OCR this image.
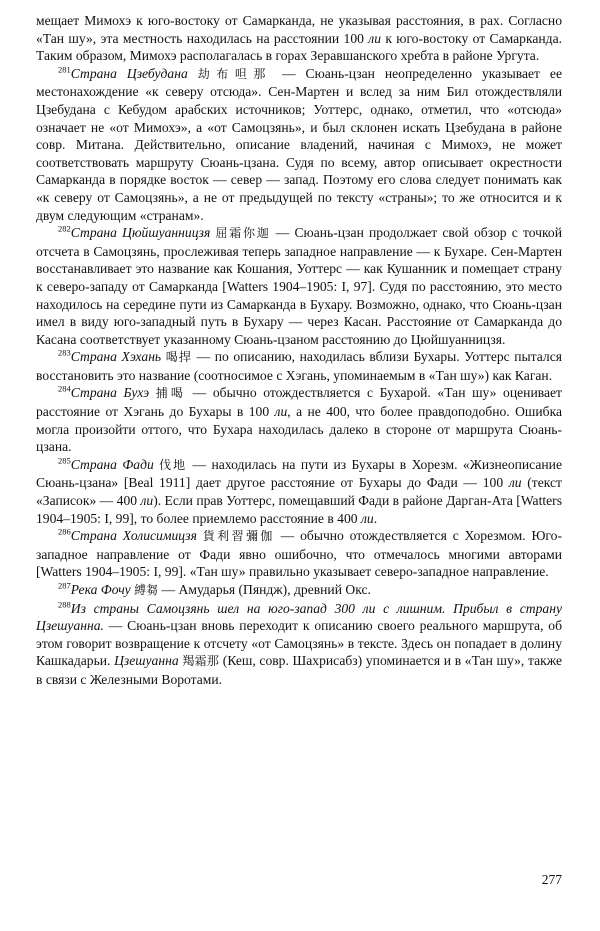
мещает Мимохэ к юго-востоку от Самарканда, не указывая расстояния, в рах. Согласно «Тан шу», эта местность находилась на расстоянии 100 ли к юго-востоку от Самарканда. Таким образом, Мимохэ располагалась в горах Зеравшанского хребта в районе Ургута.

$^{281}$Страна Цзебудана 劫布呾那 — Сюань-цзан неопределенно указывает ее местонахождение «к северу отсюда». Сен-Мартен и вслед за ним Бил отождествляли Цзебудана с Кебудом арабских источников; Уоттерс, однако, отметил, что «отсюда» означает не «от Мимохэ», а «от Самоцзянь», и был склонен искать Цзебудана в районе совр. Митана. Действительно, описание владений, начиная с Мимохэ, не может соответствовать маршруту Сюань-цзана. Судя по всему, автор описывает окрестности Самарканда в порядке восток — север — запад. Поэтому его слова следует понимать как «к северу от Самоцзянь», а не от предыдущей по тексту «страны»; то же относится и к двум следующим «странам».

$^{282}$Страна Цюйшуанницзя 屈霜你迦 — Сюань-цзан продолжает свой обзор с точкой отсчета в Самоцзянь, прослеживая теперь западное направление — к Бухаре. Сен-Мартен восстанавливает это название как Кошания, Уоттерс — как Кушанник и помещает страну к северо-западу от Самарканда [Watters 1904–1905: I, 97]. Судя по расстоянию, это место находилось на середине пути из Самарканда в Бухару. Возможно, однако, что Сюань-цзан имел в виду юго-западный путь в Бухару — через Касан. Расстояние от Самарканда до Касана соответствует указанному Сюань-цзаном расстоянию до Цюйшуанницзя.

$^{283}$Страна Хэхань 喝捍 — по описанию, находилась вблизи Бухары. Уоттерс пытался восстановить это название (соотносимое с Хэгань, упоминаемым в «Тан шу») как Каган.

$^{284}$Страна Бухэ 捕喝 — обычно отождествляется с Бухарой. «Тан шу» оценивает расстояние от Хэгань до Бухары в 100 ли, а не 400, что более правдоподобно. Ошибка могла произойти оттого, что Бухара находилась далеко в стороне от маршрута Сюань-цзана.

$^{285}$Страна Фади 伐地 — находилась на пути из Бухары в Хорезм. «Жизнеописание Сюань-цзана» [Beal 1911] дает другое расстояние от Бухары до Фади — 100 ли (текст «Записок» — 400 ли). Если прав Уоттерс, помещавший Фади в районе Дарган-Ата [Watters 1904–1905: I, 99], то более приемлемо расстояние в 400 ли.

$^{286}$Страна Холисимицзя 貨利習彌伽 — обычно отождествляется с Хорезмом. Юго-западное направление от Фади явно ошибочно, что отмечалось многими авторами [Watters 1904–1905: I, 99]. «Тан шу» правильно указывает северо-западное направление.

$^{287}$Река Фочу 縛芻 — Амударья (Пяндж), древний Окс.

$^{288}$Из страны Самоцзянь шел на юго-запад 300 ли с лишним. Прибыл в страну Цзешуанна. — Сюань-цзан вновь переходит к описанию своего реального маршрута, об этом говорит возвращение к отсчету «от Самоцзянь» в тексте. Здесь он попадает в долину Кашкадарьи. Цзешуанна 羯霜那 (Кеш, совр. Шахрисабз) упоминается и в «Тан шу», также в связи с Железными Воротами.

277
